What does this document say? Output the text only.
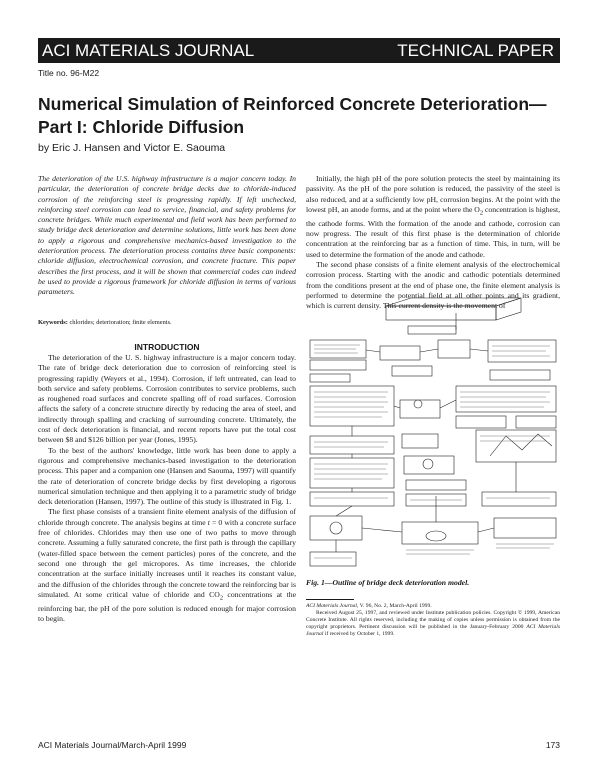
ACI MATERIALS JOURNAL	TECHNICAL PAPER
Title no. 96-M22
Numerical Simulation of Reinforced Concrete Deterioration—Part I: Chloride Diffusion
by Eric J. Hansen and Victor E. Saouma

The deterioration of the U.S. highway infrastructure is a major concern today. In particular, the deterioration of concrete bridge decks due to chloride-induced corrosion of the reinforcing steel is progressing rapidly. If left unchecked, reinforcing steel corrosion can lead to service, financial, and safety problems for concrete bridges. While much experimental and field work has been performed to study bridge deck deterioration and determine solutions, little work has been done to apply a rigorous and comprehensive mechanics-based investigation to the deterioration process. The deterioration process contains three basic components: chloride diffusion, electrochemical corrosion, and concrete fracture. This paper describes the first process, and it will be shown that commercial codes can indeed be used to provide a rigorous framework for chloride diffusion in terms of various parameters.

Keywords: chlorides; deterioration; finite elements.
INTRODUCTION

The deterioration of the U. S. highway infrastructure is a major concern today. The rate of bridge deck deterioration due to corrosion of reinforcing steel is progressing rapidly (Weyers et al., 1994). Corrosion, if left untreated, can lead to both service and safety problems. Corrosion contributes to service problems, such as roughened road surfaces and concrete spalling off of road surfaces. Corrosion affects the safety of a concrete structure directly by reducing the area of steel, and indirectly through spalling and cracking of surrounding concrete. Ultimately, the cost of deck deterioration is financial, and recent reports have put the total cost between $8 and $126 billion per year (Jones, 1995).

To the best of the authors' knowledge, little work has been done to apply a rigorous and comprehensive mechanics-based investigation to the deterioration process. This paper and a companion one (Hansen and Saouma, 1997) will quantify the rate of deterioration of concrete bridge decks by first developing a rigorous numerical simulation technique and then applying it to a parametric study of bridge deck deterioration (Hansen, 1997). The outline of this study is illustrated in Fig. 1.

The first phase consists of a transient finite element analysis of the diffusion of chloride through concrete. The analysis begins at time t = 0 with a concrete surface free of chlorides. Chlorides may then use one of two paths to move through concrete. Assuming a fully saturated concrete, the first path is through the capillary (water-filled space between the cement particles) pores of the concrete, and the second one through the gel micropores. As time increases, the chloride concentration at the surface initially increases until it reaches its constant value, and the diffusion of the chlorides through the concrete toward the reinforcing bar is simulated. At some critical value of chloride and $CO_2$ concentrations at the reinforcing bar, the pH of the pore solution is reduced enough for major corrosion to begin.

Initially, the high pH of the pore solution protects the steel by maintaining its passivity. As the pH of the pore solution is reduced, the passivity of the steel is also reduced, and at a sufficiently low pH, corrosion begins. At the point with the lowest pH, an anode forms, and at the point where the $O_2$ concentration is highest, the cathode forms. With the formation of the anode and cathode, corrosion can now progress. The result of this first phase is the determination of chloride concentration at the reinforcing bar as a function of time. This, in turn, will be used to determine the formation of the anode and cathode.

The second phase consists of a finite element analysis of the electrochemical corrosion process. Starting with the anodic and cathodic potentials determined from the conditions present at the end of phase one, the finite element analysis is performed to determine the potential field at all other points and its gradient, which is current density. This current density is the movement of

Fig. 1—Outline of bridge deck deterioration model.

ACI Materials Journal, V. 96, No. 2, March-April 1999.

Received August 25, 1997, and reviewed under Institute publication policies. Copyright © 1999, American Concrete Institute. All rights reserved, including the making of copies unless permission is obtained from the copyright proprietors. Pertinent discussion will be published in the January-February 2000 ACI Materials Journal if received by October 1, 1999.

ACI Materials Journal/March-April 1999	173
